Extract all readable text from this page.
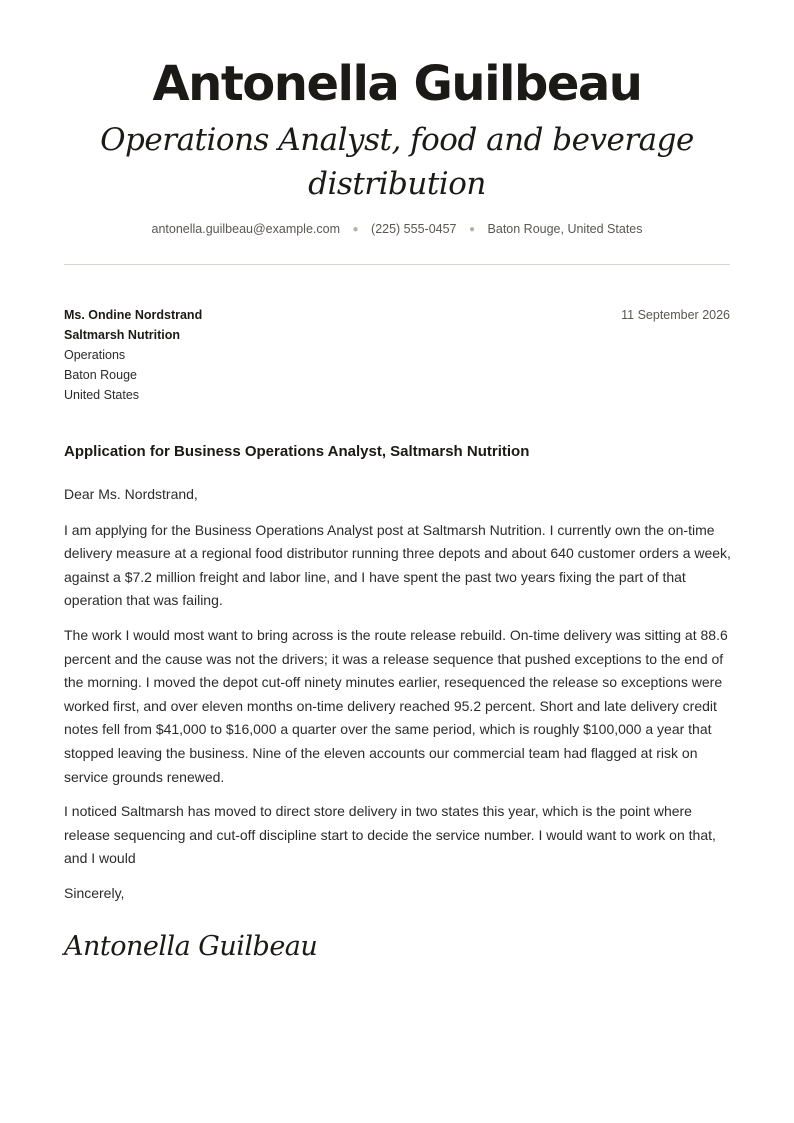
Antonella Guilbeau
Operations Analyst, food and beverage distribution
antonella.guilbeau@example.com ● (225) 555-0457 ● Baton Rouge, United States
Ms. Ondine Nordstrand
Saltmarsh Nutrition
Operations
Baton Rouge
United States
11 September 2026
Application for Business Operations Analyst, Saltmarsh Nutrition

Dear Ms. Nordstrand,

I am applying for the Business Operations Analyst post at Saltmarsh Nutrition. I currently own the on-time delivery measure at a regional food distributor running three depots and about 640 customer orders a week, against a $7.2 million freight and labor line, and I have spent the past two years fixing the part of that operation that was failing.

The work I would most want to bring across is the route release rebuild. On-time delivery was sitting at 88.6 percent and the cause was not the drivers; it was a release sequence that pushed exceptions to the end of the morning. I moved the depot cut-off ninety minutes earlier, resequenced the release so exceptions were worked first, and over eleven months on-time delivery reached 95.2 percent. Short and late delivery credit notes fell from $41,000 to $16,000 a quarter over the same period, which is roughly $100,000 a year that stopped leaving the business. Nine of the eleven accounts our commercial team had flagged at risk on service grounds renewed.

I noticed Saltmarsh has moved to direct store delivery in two states this year, which is the point where release sequencing and cut-off discipline start to decide the service number. I would want to work on that, and I would

Sincerely,
Antonella Guilbeau
